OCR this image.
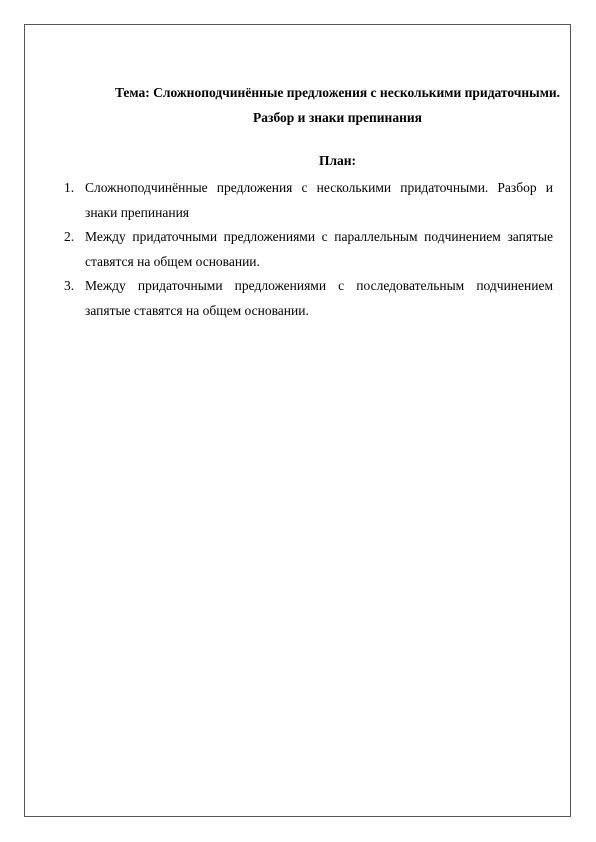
Тема: Сложноподчинённые предложения с несколькими придаточными. Разбор и знаки препинания
План:
1. Сложноподчинённые предложения с несколькими придаточными. Разбор и знаки препинания
2. Между придаточными предложениями с параллельным подчинением запятые ставятся на общем основании.
3. Между придаточными предложениями с последовательным подчинением запятые ставятся на общем основании.
